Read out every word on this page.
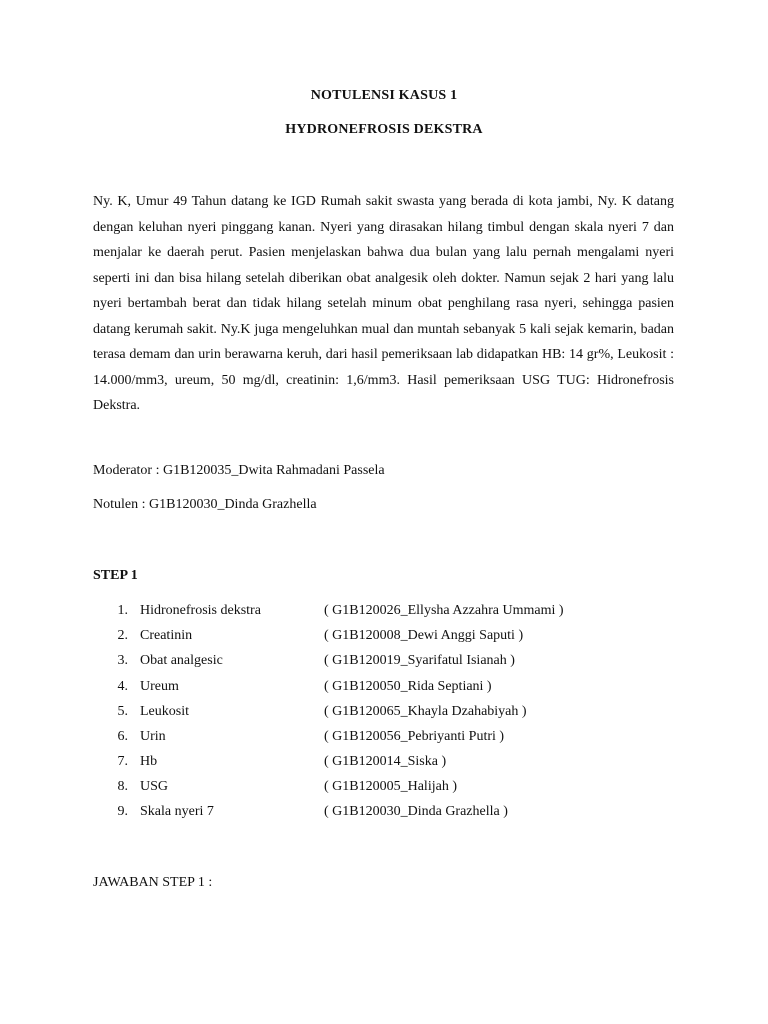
NOTULENSI KASUS 1
HYDRONEFROSIS DEKSTRA
Ny. K, Umur 49 Tahun datang ke IGD Rumah sakit swasta yang berada di kota jambi, Ny. K datang dengan keluhan nyeri pinggang kanan. Nyeri yang dirasakan hilang timbul dengan skala nyeri 7 dan menjalar ke daerah perut. Pasien menjelaskan bahwa dua bulan yang lalu pernah mengalami nyeri seperti ini dan bisa hilang setelah diberikan obat analgesik oleh dokter. Namun sejak 2 hari yang lalu nyeri bertambah berat dan tidak hilang setelah minum obat penghilang rasa nyeri, sehingga pasien datang kerumah sakit. Ny.K juga mengeluhkan mual dan muntah sebanyak 5 kali sejak kemarin, badan terasa demam dan urin berawarna keruh, dari hasil pemeriksaan lab didapatkan HB: 14 gr%, Leukosit : 14.000/mm3, ureum, 50 mg/dl, creatinin: 1,6/mm3. Hasil pemeriksaan USG TUG: Hidronefrosis Dekstra.
Moderator : G1B120035_Dwita Rahmadani Passela
Notulen : G1B120030_Dinda Grazhella
STEP 1
1. Hidronefrosis dekstra	( G1B120026_Ellysha Azzahra Ummami )
2. Creatinin	( G1B120008_Dewi Anggi Saputi )
3. Obat analgesic	( G1B120019_Syarifatul Isianah )
4. Ureum	( G1B120050_Rida Septiani )
5. Leukosit	( G1B120065_Khayla Dzahabiyah )
6. Urin	( G1B120056_Pebriyanti Putri )
7. Hb	( G1B120014_Siska )
8. USG	( G1B120005_Halijah )
9. Skala nyeri 7	( G1B120030_Dinda Grazhella )
JAWABAN STEP 1 :
